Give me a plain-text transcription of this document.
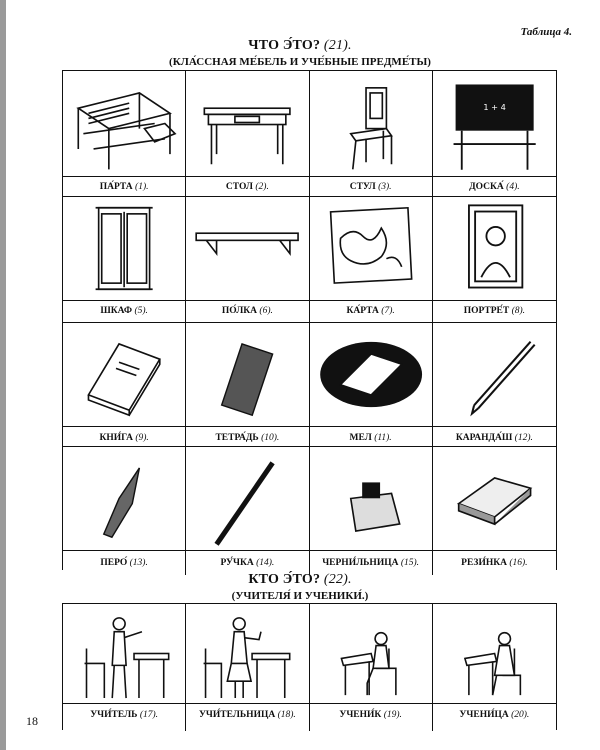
Таблица 4.
ЧТО Э́ТО? (21).
(КЛА́ССНАЯ МЕ́БЕЛЬ И УЧЕ́БНЫЕ ПРЕДМЕ́ТЫ)
1 + 4
ПА́РТА (1).	СТОЛ (2).	СТУЛ (3).	ДОСКА́ (4).
ШКАФ (5).	ПО́ЛКА (6).	КА́РТА (7).	ПОРТРЕ́Т (8).
КНИ́ГА (9).	ТЕТРА́ДЬ (10).	МЕЛ (11).	КАРАНДА́Ш (12).
ПЕРО́ (13).	РУ́ЧКА (14).	ЧЕРНИ́ЛЬНИЦА (15).	РЕЗИ́НКА (16).
КТО Э́ТО? (22).
(УЧИТЕЛЯ́ И УЧЕНИКИ́.)
УЧИ́ТЕЛЬ (17).	УЧИ́ТЕЛЬНИЦА (18).	УЧЕНИ́К (19).	УЧЕНИ́ЦА (20).
18
